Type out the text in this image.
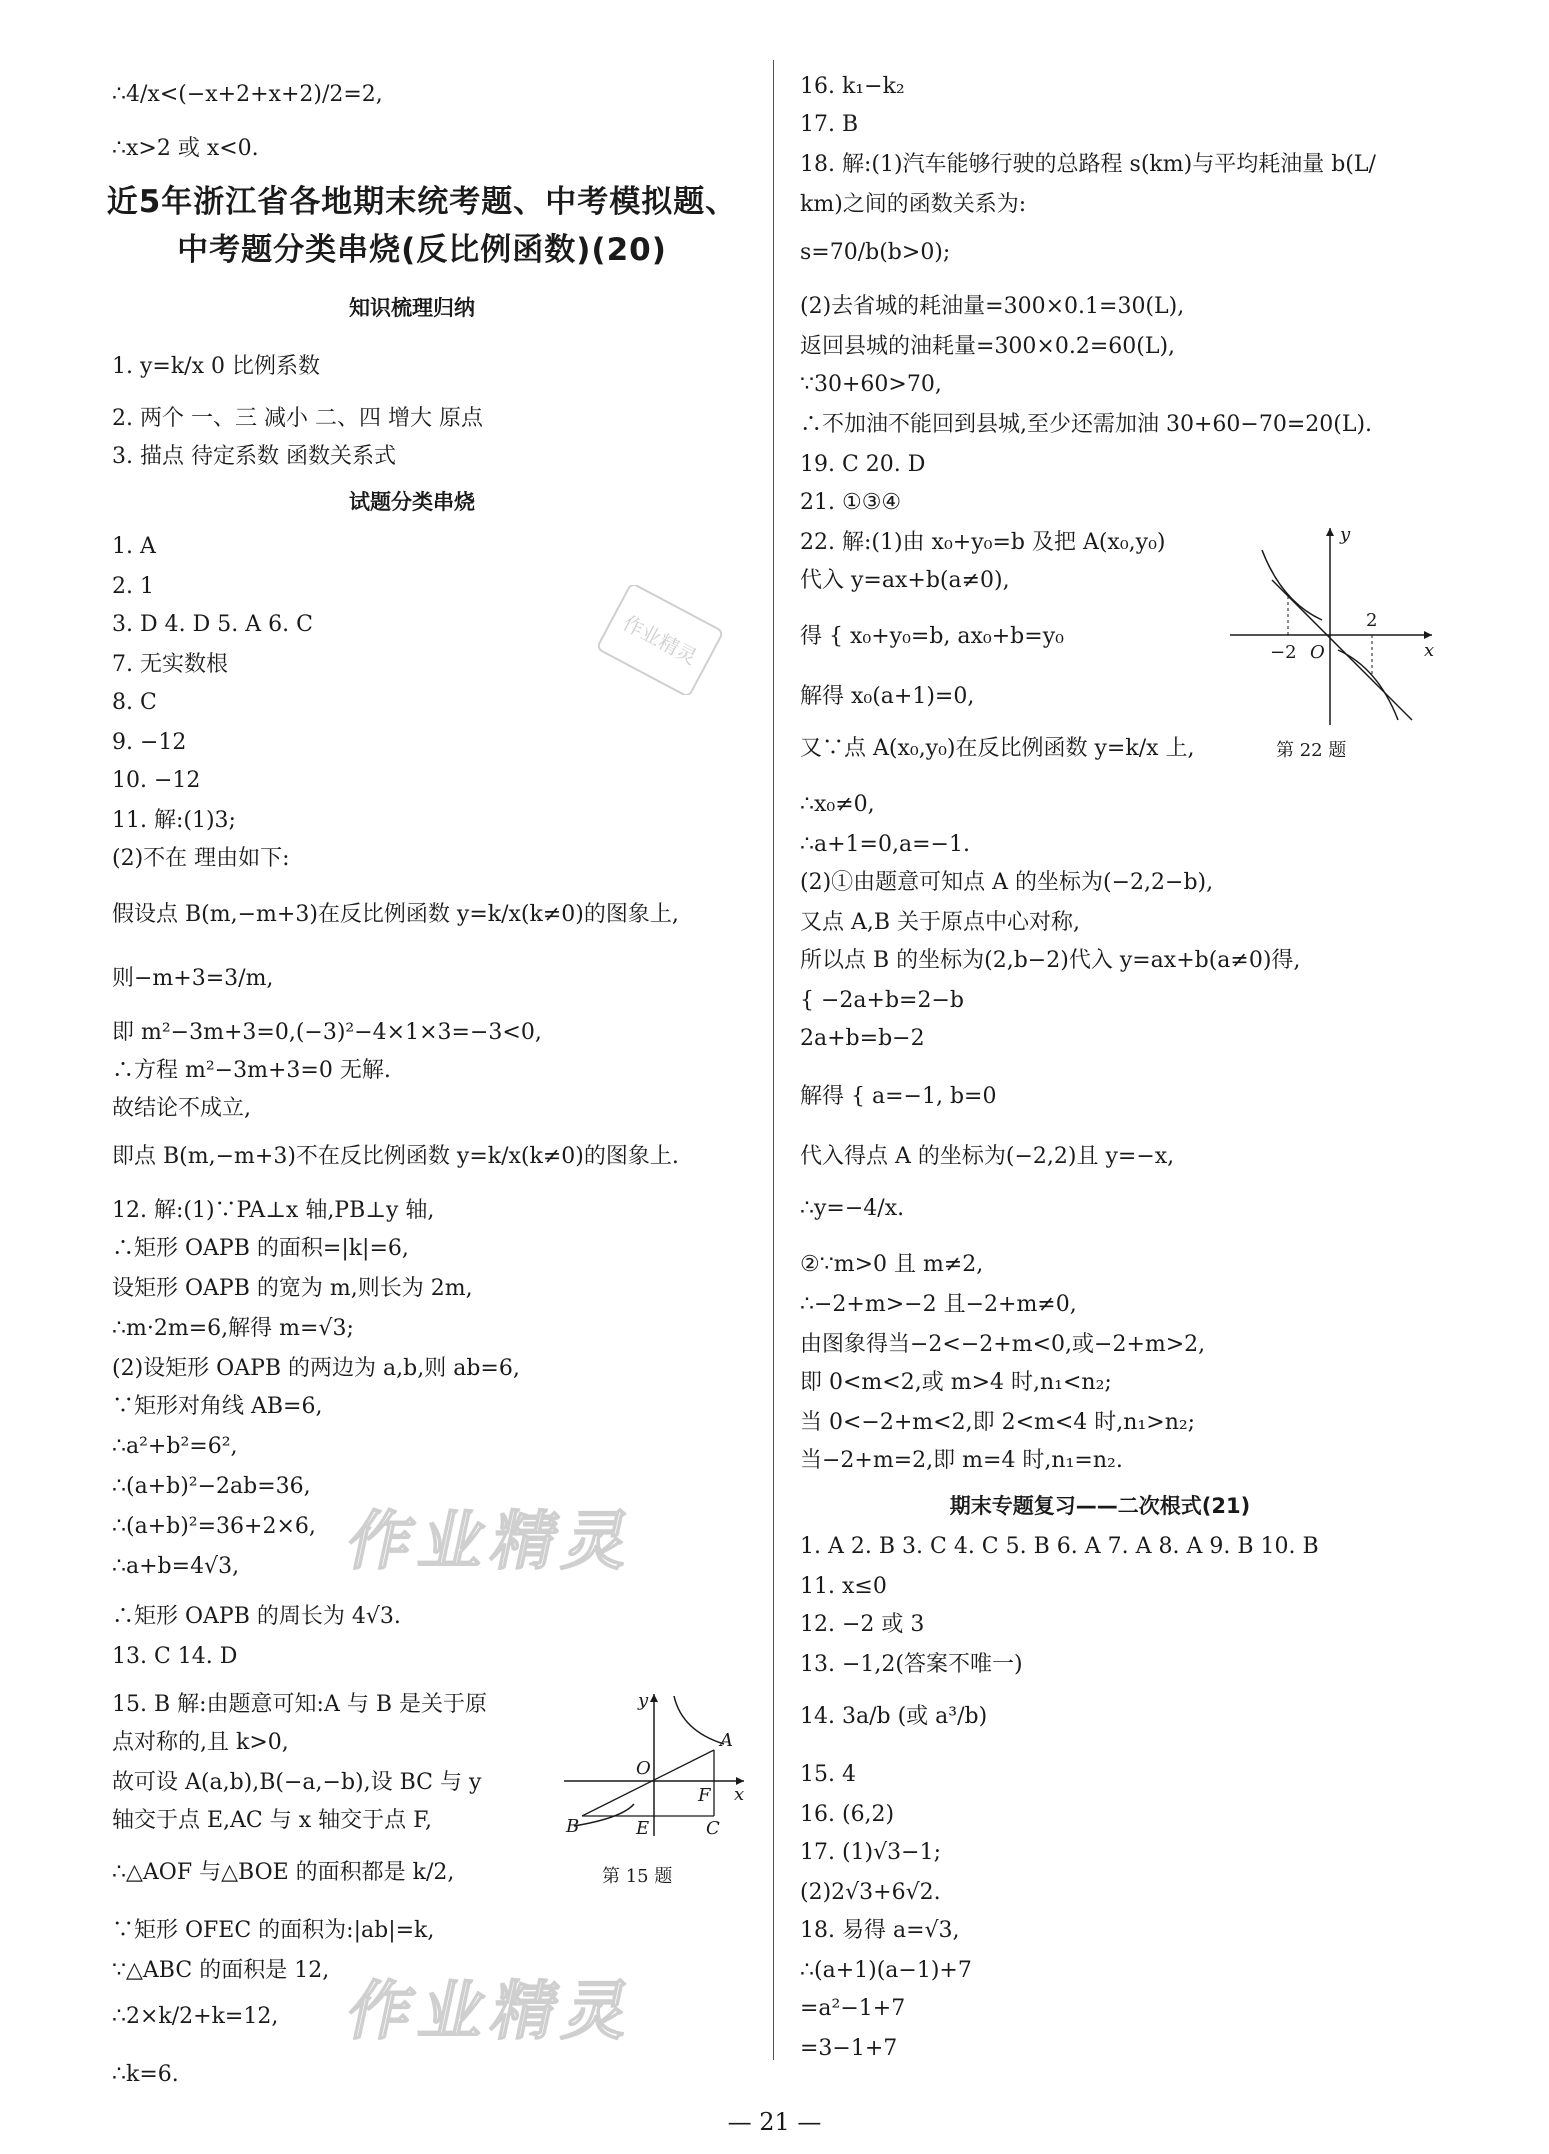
∴4/x<(−x+2+x+2)/2=2,
∴x>2 或 x<0.
近5年浙江省各地期末统考题、中考模拟题、
中考题分类串烧(反比例函数)(20)
知识梳理归纳
1. y=k/x 0 比例系数
2. 两个 一、三 减小 二、四 增大 原点
3. 描点 待定系数 函数关系式
试题分类串烧
1. A
2. 1
3. D 4. D 5. A 6. C
7. 无实数根
8. C
9. −12
10. −12
11. 解:(1)3;
(2)不在 理由如下:
假设点 B(m,−m+3)在反比例函数 y=k/x(k≠0)的图象上,
则−m+3=3/m,
即 m²−3m+3=0,(−3)²−4×1×3=−3<0,
∴方程 m²−3m+3=0 无解.
故结论不成立,
即点 B(m,−m+3)不在反比例函数 y=k/x(k≠0)的图象上.
12. 解:(1)∵PA⊥x 轴,PB⊥y 轴,
∴矩形 OAPB 的面积=|k|=6,
设矩形 OAPB 的宽为 m,则长为 2m,
∴m·2m=6,解得 m=√3;
(2)设矩形 OAPB 的两边为 a,b,则 ab=6,
∵矩形对角线 AB=6,
∴a²+b²=6²,
∴(a+b)²−2ab=36,
∴(a+b)²=36+2×6,
∴a+b=4√3,
∴矩形 OAPB 的周长为 4√3.
13. C 14. D
15. B 解:由题意可知:A 与 B 是关于原
点对称的,且 k>0,
故可设 A(a,b),B(−a,−b),设 BC 与 y
轴交于点 E,AC 与 x 轴交于点 F,
∴△AOF 与△BOE 的面积都是 k/2,
∵矩形 OFEC 的面积为:|ab|=k,
∵△ABC 的面积是 12,
∴2×k/2+k=12,
∴k=6.
y
A
O
F x
B	E	C
第 15 题
16. k₁−k₂
17. B
18. 解:(1)汽车能够行驶的总路程 s(km)与平均耗油量 b(L/
km)之间的函数关系为:
s=70/b(b>0);
(2)去省城的耗油量=300×0.1=30(L),
返回县城的油耗量=300×0.2=60(L),
∵30+60>70,
∴不加油不能回到县城,至少还需加油 30+60−70=20(L).
19. C 20. D
21. ①③④
22. 解:(1)由 x₀+y₀=b 及把 A(x₀,y₀)
代入 y=ax+b(a≠0),
得 { x₀+y₀=b, ax₀+b=y₀
解得 x₀(a+1)=0,
又∵点 A(x₀,y₀)在反比例函数 y=k/x 上,
∴x₀≠0,
∴a+1=0,a=−1.
(2)①由题意可知点 A 的坐标为(−2,2−b),
又点 A,B 关于原点中心对称,
所以点 B 的坐标为(2,b−2)代入 y=ax+b(a≠0)得,
{ −2a+b=2−b
2a+b=b−2
解得 { a=−1, b=0
代入得点 A 的坐标为(−2,2)且 y=−x,
∴y=−4/x.
②∵m>0 且 m≠2,
∴−2+m>−2 且−2+m≠0,
由图象得当−2<−2+m<0,或−2+m>2,
即 0<m<2,或 m>4 时,n₁<n₂;
当 0<−2+m<2,即 2<m<4 时,n₁>n₂;
当−2+m=2,即 m=4 时,n₁=n₂.
期末专题复习——二次根式(21)
1. A 2. B 3. C 4. C 5. B 6. A 7. A 8. A 9. B 10. B
11. x≤0
12. −2 或 3
13. −1,2(答案不唯一)
14. 3a/b (或 a³/b)
15. 4
16. (6,2)
17. (1)√3−1;
(2)2√3+6√2.
18. 易得 a=√3,
∴(a+1)(a−1)+7
=a²−1+7
=3−1+7
y
−2 O
2
x
第 22 题
作业精灵
作业精灵
作业精灵
— 21 —
